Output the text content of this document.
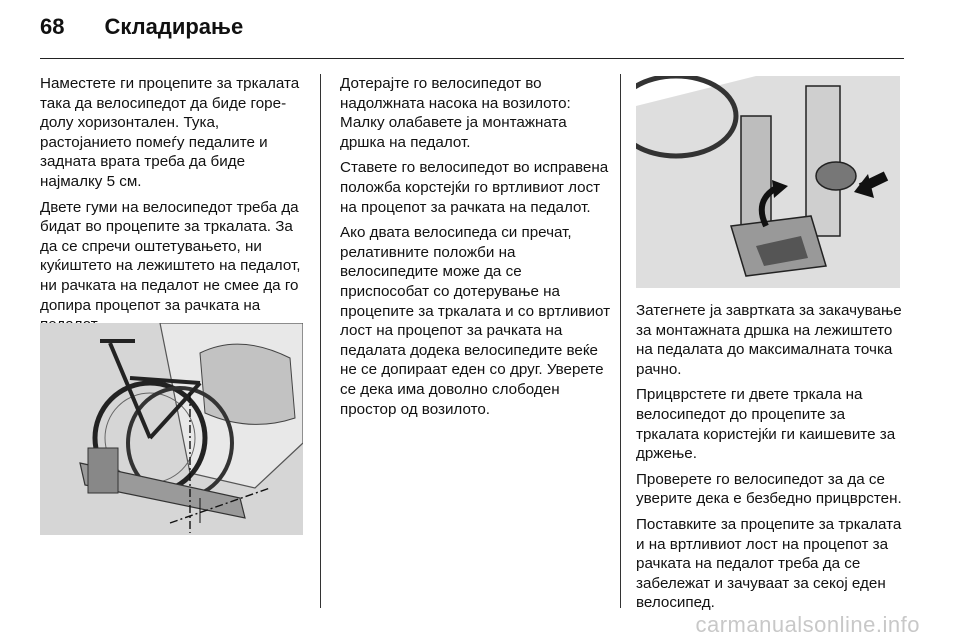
68 Складирање

Наместете ги процепите за тркалата така да велосипедот да биде горе-долу хоризонтален. Тука, растојанието помеѓу педалите и задната врата треба да биде најмалку 5 см.

Двете гуми на велосипедот треба да бидат во процепите за тркалата. За да се спречи оштетувањето, ни куќиштето на лежиштето на педалот, ни рачката на педалот не смее да го допира процепот за рачката на

Дотерајте го велосипедот во надолжната насока на возилото: Малку олабавете ја монтажната дршка на педалот.

Ставете го велосипедот во исправена положба корстејќи го вртливиот лост на процепот за рачката на педалот.

Ако двата велосипеда си пречат, релативните положби на велосипедите може да се приспособат со дотерување на процепите за тркалата и со вртливиот лост на процепот за рачката на педалата додека велосипедите веќе не се допираат еден со друг. Уверете се дека има доволно слободен простор од возилото.

Затегнете ја завртката за закачување за монтажната дршка на лежиштето на педалата до максималната точка рачно.

Прицврстете ги двете тркала на велосипедот до процепите за тркалата користејќи ги каишевите за држење.

Проверете го велосипедот за да се уверите дека е безбедно прицврстен.

Поставките за процепите за тркалата и на вртливиот лост на процепот за рачката на педалот треба да се забележат и зачуваат за секој еден велосипед.

carmanualsonline.info
